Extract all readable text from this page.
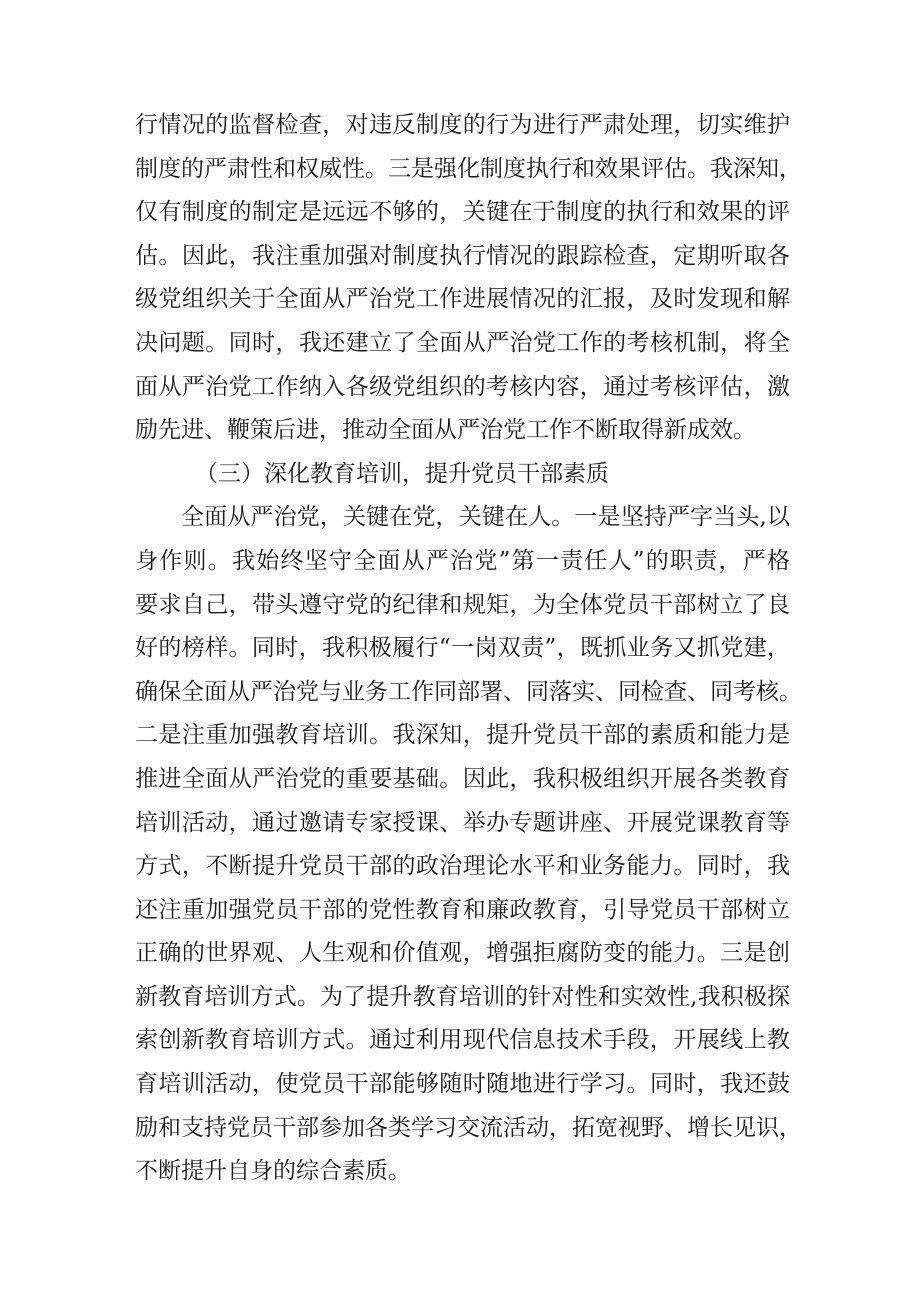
行情况的监督检查，对违反制度的行为进行严肃处理，切实维护
制度的严肃性和权威性。三是强化制度执行和效果评估。我深知，
仅有制度的制定是远远不够的，关键在于制度的执行和效果的评
估。因此，我注重加强对制度执行情况的跟踪检查，定期听取各
级党组织关于全面从严治党工作进展情况的汇报，及时发现和解
决问题。同时，我还建立了全面从严治党工作的考核机制，将全
面从严治党工作纳入各级党组织的考核内容，通过考核评估，激
励先进、鞭策后进，推动全面从严治党工作不断取得新成效。
（三）深化教育培训，提升党员干部素质
全面从严治党，关键在党，关键在人。一是坚持严字当头,以
身作则。我始终坚守全面从严治党”第一责任人”的职责，严格
要求自己，带头遵守党的纪律和规矩，为全体党员干部树立了良
好的榜样。同时，我积极履行“一岗双责”，既抓业务又抓党建，
确保全面从严治党与业务工作同部署、同落实、同检查、同考核。
二是注重加强教育培训。我深知，提升党员干部的素质和能力是
推进全面从严治党的重要基础。因此，我积极组织开展各类教育
培训活动，通过邀请专家授课、举办专题讲座、开展党课教育等
方式，不断提升党员干部的政治理论水平和业务能力。同时，我
还注重加强党员干部的党性教育和廉政教育，引导党员干部树立
正确的世界观、人生观和价值观，增强拒腐防变的能力。三是创
新教育培训方式。为了提升教育培训的针对性和实效性,我积极探
索创新教育培训方式。通过利用现代信息技术手段，开展线上教
育培训活动，使党员干部能够随时随地进行学习。同时，我还鼓
励和支持党员干部参加各类学习交流活动，拓宽视野、增长见识，
不断提升自身的综合素质。
